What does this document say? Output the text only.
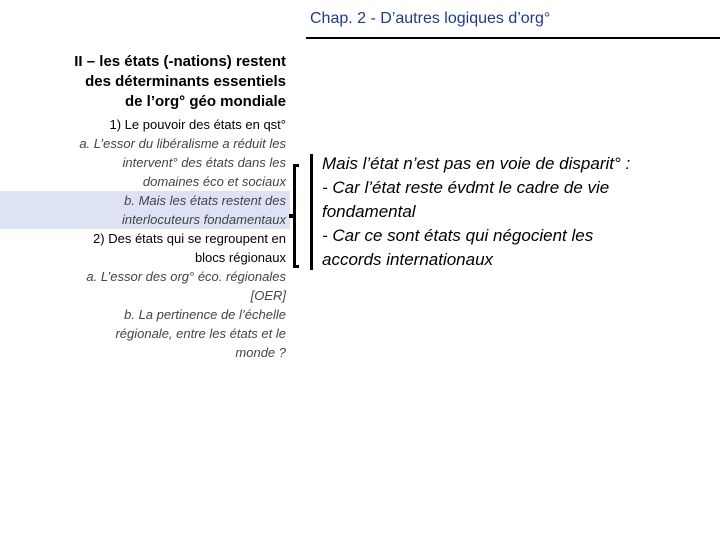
Chap. 2 - D’autres logiques d’org°
II – les états (-nations) restent
des déterminants essentiels
de l’org° géo mondiale
1) Le pouvoir des états en qst°
a. L’essor du libéralisme a réduit les
intervent° des états dans les
domaines éco et sociaux
b. Mais les états restent des
interlocuteurs fondamentaux
2) Des états qui se regroupent en
blocs régionaux
a. L’essor des org° éco. régionales
[OER]
b. La pertinence de l’échelle
régionale, entre les états et le
monde ?
Mais l’état n’est pas en voie de disparit° :
- Car l’état reste évdmt le cadre de vie
fondamental
- Car ce sont états qui négocient les
accords internationaux
